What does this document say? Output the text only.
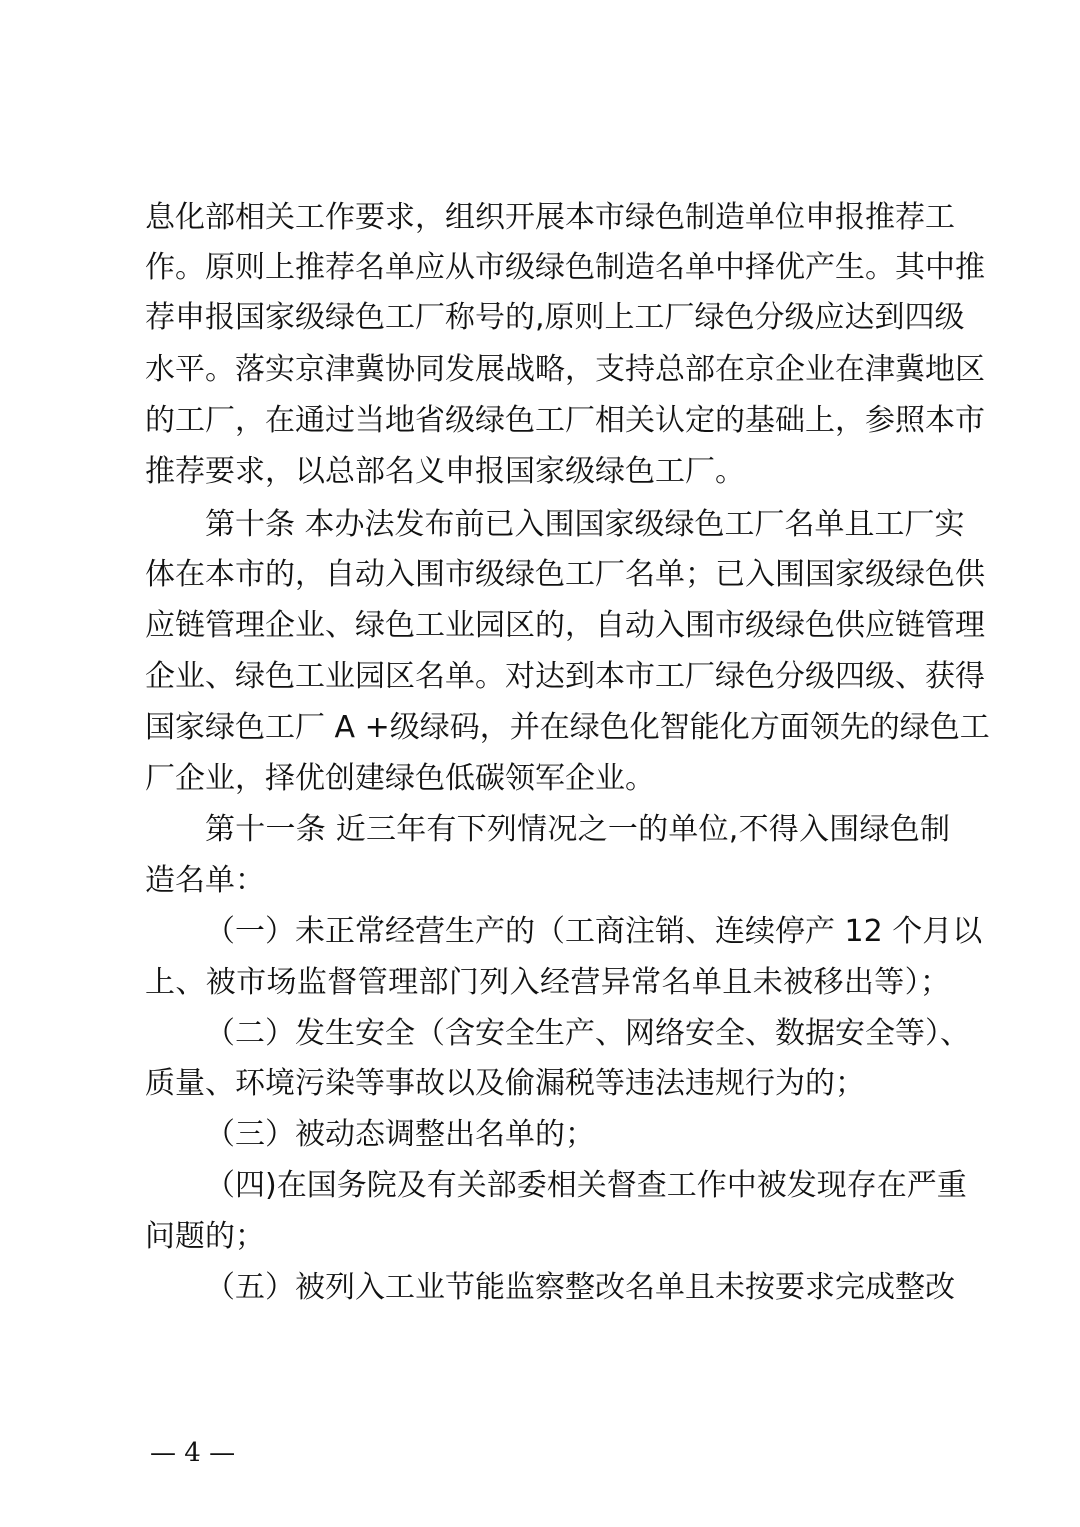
息化部相关工作要求，组织开展本市绿色制造单位申报推荐工
作。原则上推荐名单应从市级绿色制造名单中择优产生。其中推
荐申报国家级绿色工厂称号的,原则上工厂绿色分级应达到四级
水平。落实京津冀协同发展战略，支持总部在京企业在津冀地区
的工厂，在通过当地省级绿色工厂相关认定的基础上，参照本市
推荐要求，以总部名义申报国家级绿色工厂。
第十条 本办法发布前已入围国家级绿色工厂名单且工厂实
体在本市的，自动入围市级绿色工厂名单；已入围国家级绿色供
应链管理企业、绿色工业园区的，自动入围市级绿色供应链管理
企业、绿色工业园区名单。对达到本市工厂绿色分级四级、获得
国家绿色工厂 A +级绿码，并在绿色化智能化方面领先的绿色工
厂企业，择优创建绿色低碳领军企业。
第十一条 近三年有下列情况之一的单位,不得入围绿色制
造名单：
（一）未正常经营生产的（工商注销、连续停产 12 个月以
上、被市场监督管理部门列入经营异常名单且未被移出等）；
（二）发生安全（含安全生产、网络安全、数据安全等）、
质量、环境污染等事故以及偷漏税等违法违规行为的；
（三）被动态调整出名单的；
（四)在国务院及有关部委相关督查工作中被发现存在严重
问题的；
（五）被列入工业节能监察整改名单且未按要求完成整改
— 4 —
